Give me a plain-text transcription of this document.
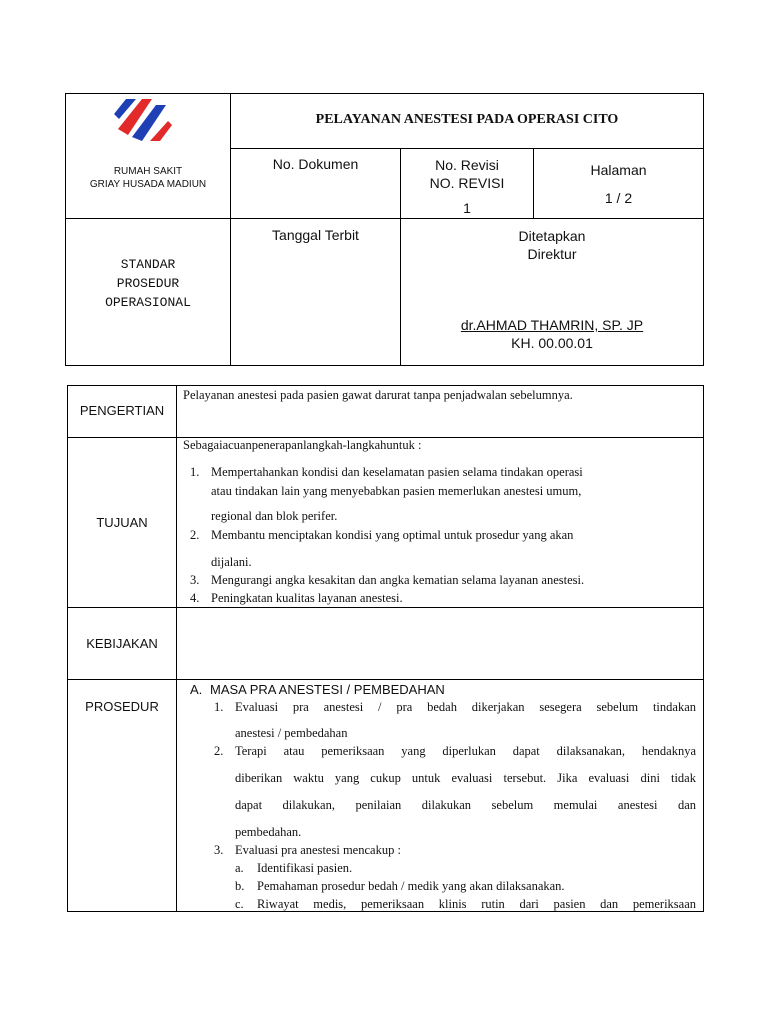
RUMAH SAKIT
GRIAY HUSADA MADIUN
PELAYANAN ANESTESI PADA OPERASI CITO
No. Dokumen	No. Revisi
NO. REVISI
1
Halaman
1 / 2
STANDAR
PROSEDUR
OPERASIONAL
Tanggal Terbit	Ditetapkan
Direktur
dr.AHMAD THAMRIN, SP. JP
KH. 00.00.01
PENGERTIAN
Pelayanan anestesi pada pasien gawat darurat tanpa penjadwalan sebelumnya.
TUJUAN
Sebagaiacuanpenerapanlangkah-langkahuntuk :
1. Mempertahankan kondisi dan keselamatan pasien selama tindakan operasi
atau tindakan lain yang menyebabkan pasien memerlukan anestesi umum,
regional dan blok perifer.
2. Membantu menciptakan kondisi yang optimal untuk prosedur yang akan
dijalani.
3. Mengurangi angka kesakitan dan angka kematian selama layanan anestesi.
4. Peningkatan kualitas layanan anestesi.
KEBIJAKAN
PROSEDUR
A. MASA PRA ANESTESI / PEMBEDAHAN
1. Evaluasi pra anestesi / pra bedah dikerjakan sesegera sebelum tindakan
anestesi / pembedahan
2. Terapi atau pemeriksaan yang diperlukan dapat dilaksanakan, hendaknya
diberikan waktu yang cukup untuk evaluasi tersebut. Jika evaluasi dini tidak
dapat dilakukan, penilaian dilakukan sebelum memulai anestesi dan
pembedahan.
3. Evaluasi pra anestesi mencakup :
a. Identifikasi pasien.
b. Pemahaman prosedur bedah / medik yang akan dilaksanakan.
c. Riwayat medis, pemeriksaan klinis rutin dari pasien dan pemeriksaan
